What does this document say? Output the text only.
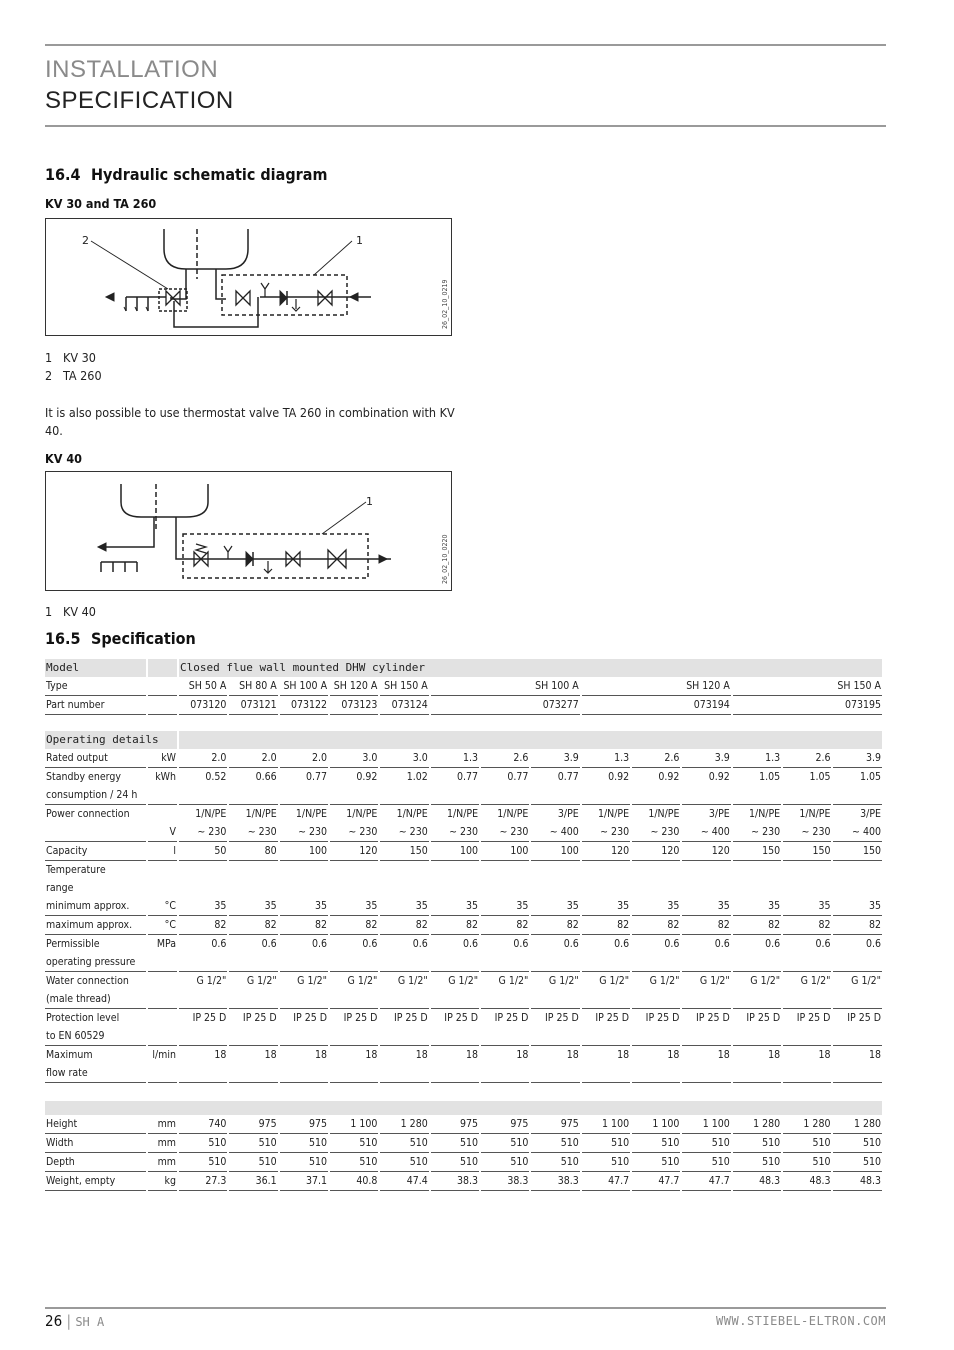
INSTALLATION
SPECIFICATION
16.4 Hydraulic schematic diagram
KV 30 and TA 260
2	1
26_02_10_0219
1 KV 30
2 TA 260
It is also possible to use thermostat valve TA 260 in combination with KV 40.
KV 40
1
26_02_10_0220
1 KV 40
16.5 Specification
Model		Closed flue wall mounted DHW cylinder													
Type		SH 50 A	SH 80 A	SH 100 A	SH 120 A	SH 150 A	SH 100 A			SH 120 A			SH 150 A		
Part number		073120	073121	073122	073123	073124	073277			073194			073195		

Operating details															

Rated output	kW	2.0	2.0	2.0	3.0	3.0	1.3	2.6	3.9	1.3	2.6	3.9	1.3	2.6	3.9

Standby energy
consumption / 24 h	kWh	0.52	0.66	0.77	0.92	1.02	0.77	0.77	0.77	0.92	0.92	0.92	1.05	1.05	1.05

Power connection		1/N/PE	1/N/PE	1/N/PE	1/N/PE	1/N/PE	1/N/PE	1/N/PE	3/PE	1/N/PE	1/N/PE	3/PE	1/N/PE	1/N/PE	3/PE

	V	~ 230	~ 230	~ 230	~ 230	~ 230	~ 230	~ 230	~ 400	~ 230	~ 230	~ 400	~ 230	~ 230	~ 400

Capacity	l	50	80	100	120	150	100	100	100	120	120	120	150	150	150

Temperature															

range															

minimum approx.	°C	35	35	35	35	35	35	35	35	35	35	35	35	35	35

maximum approx.	°C	82	82	82	82	82	82	82	82	82	82	82	82	82	82

Permissible
operating pressure	MPa	0.6	0.6	0.6	0.6	0.6	0.6	0.6	0.6	0.6	0.6	0.6	0.6	0.6	0.6

Water connection
(male thread)		G 1/2"	G 1/2"	G 1/2"	G 1/2"	G 1/2"	G 1/2"	G 1/2"	G 1/2"	G 1/2"	G 1/2"	G 1/2"	G 1/2"	G 1/2"	G 1/2"

Protection level
to EN 60529		IP 25 D	IP 25 D	IP 25 D	IP 25 D	IP 25 D	IP 25 D	IP 25 D	IP 25 D	IP 25 D	IP 25 D	IP 25 D	IP 25 D	IP 25 D	IP 25 D

Maximum
flow rate	l/min	18	18	18	18	18	18	18	18	18	18	18	18	18	18

Height	mm	740	975	975	1 100	1 280	975	975	975	1 100	1 100	1 100	1 280	1 280	1 280

Width	mm	510	510	510	510	510	510	510	510	510	510	510	510	510	510

Depth	mm	510	510	510	510	510	510	510	510	510	510	510	510	510	510

Weight, empty	kg	27.3	36.1	37.1	40.8	47.4	38.3	38.3	38.3	47.7	47.7	47.7	48.3	48.3	48.3
26 | SH A	WWW.STIEBEL-ELTRON.COM
